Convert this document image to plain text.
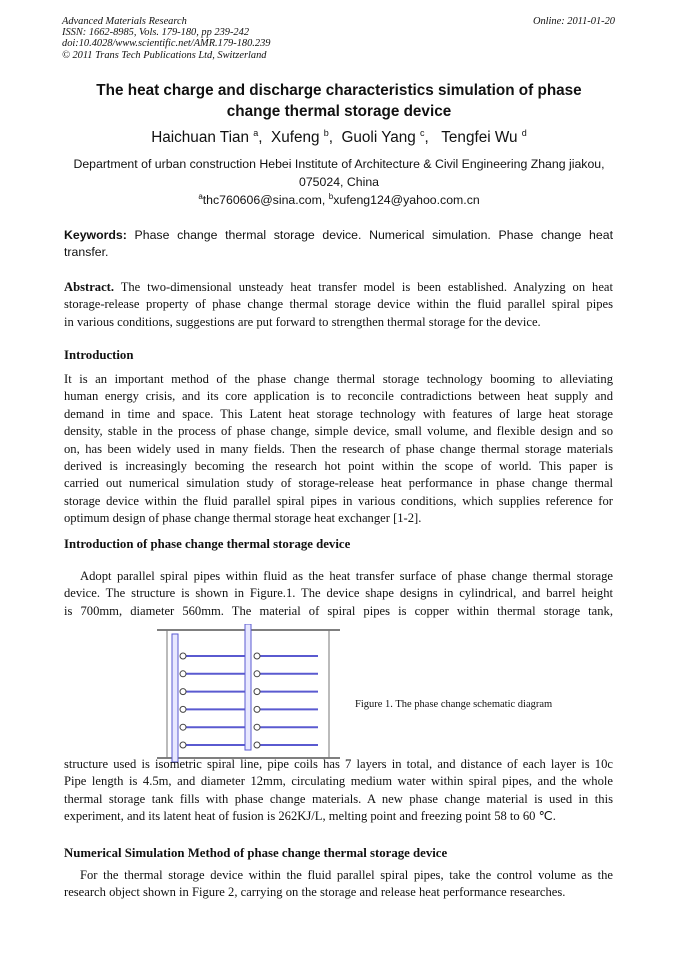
Advanced Materials Research
ISSN: 1662-8985, Vols. 179-180, pp 239-242
doi:10.4028/www.scientific.net/AMR.179-180.239
© 2011 Trans Tech Publications Ltd, Switzerland
Online: 2011-01-20
The heat charge and discharge characteristics simulation of phase
change thermal storage device
Haichuan Tian $^a$,  Xufeng $^b$,  Guoli Yang $^c$,   Tengfei Wu $^d$
Department of urban construction Hebei Institute of Architecture & Civil Engineering Zhang jiakou,
075024, China
$^a$thc760606@sina.com, $^b$xufeng124@yahoo.com.cn
Keywords: Phase change thermal storage device. Numerical simulation. Phase change heat
transfer.
Abstract. The two-dimensional unsteady heat transfer model is been established. Analyzing on heat
storage-release property of phase change thermal storage device within the fluid parallel spiral pipes
in various conditions, suggestions are put forward to strengthen thermal storage for the device.
Introduction
It is an important method of the phase change thermal storage technology booming to alleviating
human energy crisis, and its core application is to reconcile contradictions between heat supply and
demand in time and space. This Latent heat storage technology with features of large heat storage
density, stable in the process of phase change, simple device, small volume, and flexible design and so
on, has been widely used in many fields. Then the research of phase change thermal storage materials
derived is increasingly becoming the research hot point within the scope of world. This paper is
carried out numerical simulation study of storage-release heat performance in phase change thermal
storage device within the fluid parallel spiral pipes in various conditions, which supplies reference for
optimum design of phase change thermal storage heat exchanger [1-2].
Introduction of phase change thermal storage device
Adopt parallel spiral pipes within fluid as the heat transfer surface of phase change thermal storage
device. The structure is shown in Figure.1. The device shape designs in cylindrical, and barrel height
is 700mm, diameter 560mm. The material of spiral pipes is copper within thermal storage tank,
Figure 1. The phase change schematic diagram
structure used is isometric spiral line, pipe coils has 7 layers in total, and distance of each layer is 10c
Pipe length is 4.5m, and diameter 12mm, circulating medium water within spiral pipes, and the whole
thermal storage tank fills with phase change materials. A new phase change material is used in this
experiment, and its latent heat of fusion is 262KJ/L, melting point and freezing point 58 to 60 ℃.
Numerical Simulation Method of phase change thermal storage device
For the thermal storage device within the fluid parallel spiral pipes, take the control volume as the
research object shown in Figure 2, carrying on the storage and release heat performance researches.
